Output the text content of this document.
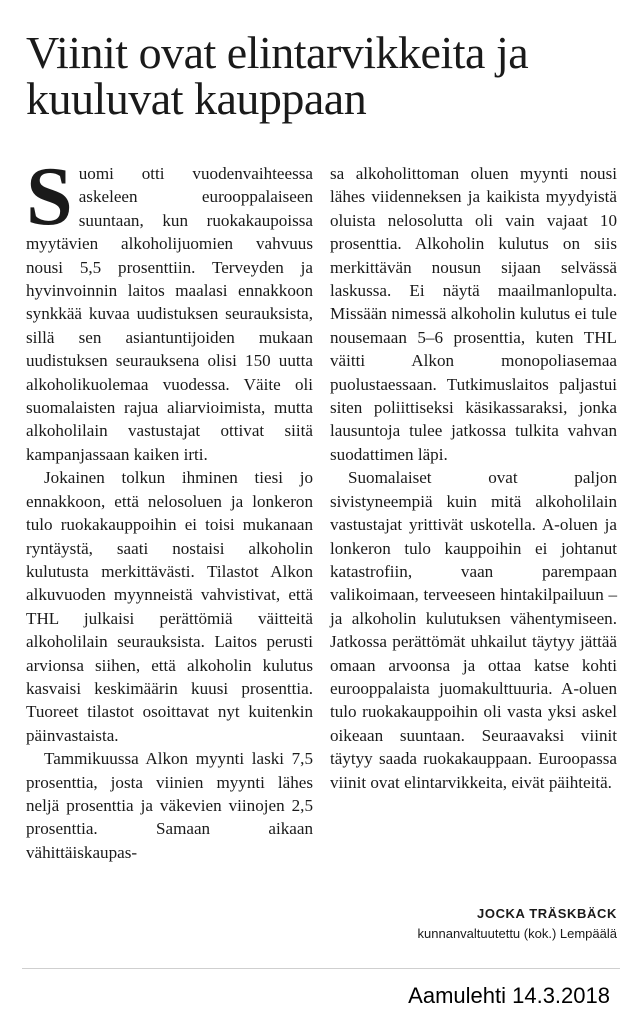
Viinit ovat elintarvikkeita ja kuuluvat kauppaan

Suomi otti vuodenvaihteessa askeleen eurooppalaiseen suuntaan, kun ruokakaupoissa myytävien alkoholijuomien vahvuus nousi 5,5 prosenttiin. Terveyden ja hyvinvoinnin laitos maalasi ennakkoon synkkää kuvaa uudistuksen seurauksista, sillä sen asiantuntijoiden mukaan uudistuksen seurauksena olisi 150 uutta alkoholikuolemaa vuodessa. Väite oli suomalaisten rajua aliarvioimista, mutta alkoholilain vastustajat ottivat siitä kampanjassaan kaiken irti.

Jokainen tolkun ihminen tiesi jo ennakkoon, että nelosoluen ja lonkeron tulo ruokakauppoihin ei toisi mukanaan ryntäystä, saati nostaisi alkoholin kulutusta merkittävästi. Tilastot Alkon alkuvuoden myynneistä vahvistivat, että THL julkaisi perättömiä väitteitä alkoholilain seurauksista. Laitos perusti arvionsa siihen, että alkoholin kulutus kasvaisi keskimäärin kuusi prosenttia. Tuoreet tilastot osoittavat nyt kuitenkin päinvastaista.

Tammikuussa Alkon myynti laski 7,5 prosenttia, josta viinien myynti lähes neljä prosenttia ja väkevien viinojen 2,5 prosenttia. Samaan aikaan vähittäiskaupas-

sa alkoholittoman oluen myynti nousi lähes viidenneksen ja kaikista myydyistä oluista nelosolutta oli vain vajaat 10 prosenttia. Alkoholin kulutus on siis merkittävän nousun sijaan selvässä laskussa. Ei näytä maailmanlopulta. Missään nimessä alkoholin kulutus ei tule nousemaan 5–6 prosenttia, kuten THL väitti Alkon monopoliasemaa puolustaessaan. Tutkimuslaitos paljastui siten poliittiseksi käsikassaraksi, jonka lausuntoja tulee jatkossa tulkita vahvan suodattimen läpi.

Suomalaiset ovat paljon sivistyneempiä kuin mitä alkoholilain vastustajat yrittivät uskotella. A-oluen ja lonkeron tulo kauppoihin ei johtanut katastrofiin, vaan parempaan valikoimaan, terveeseen hintakilpailuun – ja alkoholin kulutuksen vähentymiseen. Jatkossa perättömät uhkailut täytyy jättää omaan arvoonsa ja ottaa katse kohti eurooppalaista juomakulttuuria. A-oluen tulo ruokakauppoihin oli vasta yksi askel oikeaan suuntaan. Seuraavaksi viinit täytyy saada ruokakauppaan. Euroopassa viinit ovat elintarvikkeita, eivät päihteitä.

JOCKA TRÄSKBÄCK
kunnanvaltuutettu (kok.) Lempäälä
Aamulehti 14.3.2018
